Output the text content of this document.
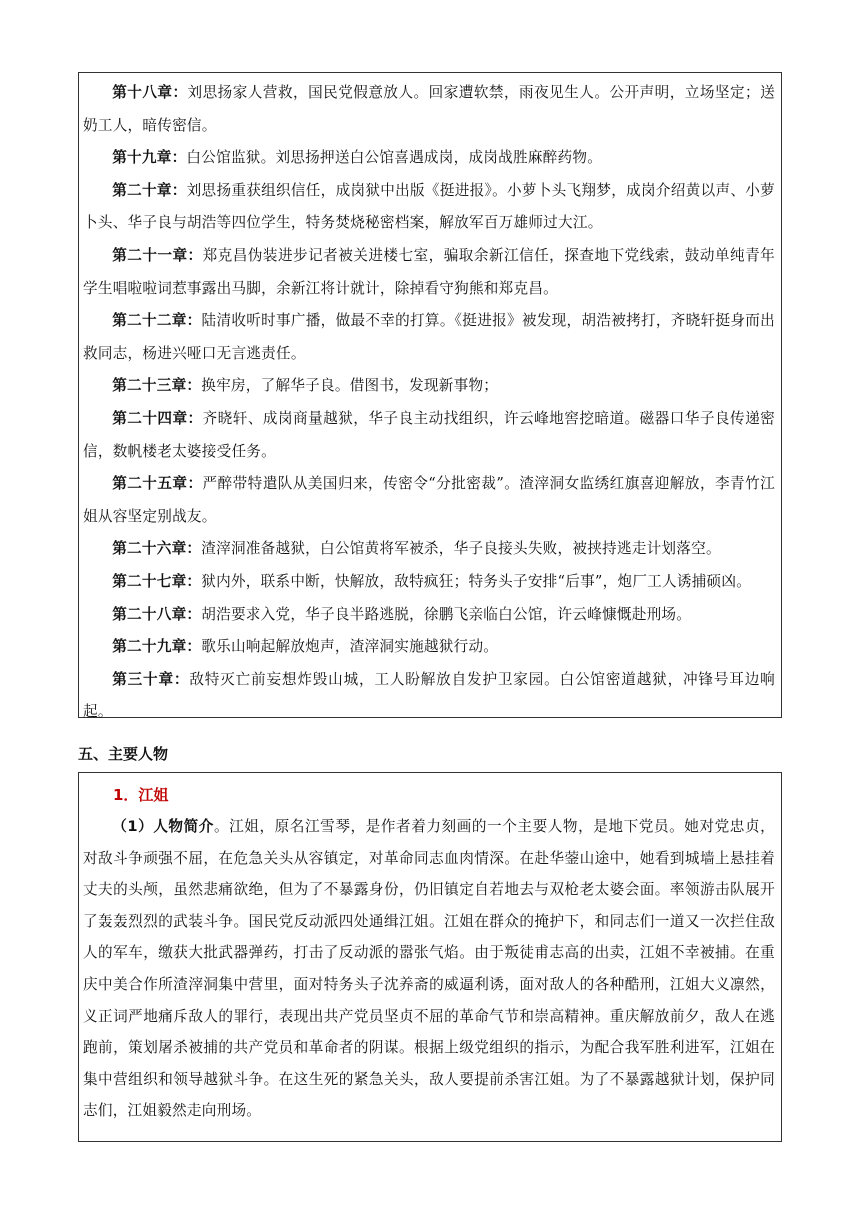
第十八章：刘思扬家人营救，国民党假意放人。回家遭软禁，雨夜见生人。公开声明，立场坚定；送奶工人，暗传密信。

第十九章：白公馆监狱。刘思扬押送白公馆喜遇成岗，成岗战胜麻醉药物。

第二十章：刘思扬重获组织信任，成岗狱中出版《挺进报》。小萝卜头飞翔梦，成岗介绍黄以声、小萝卜头、华子良与胡浩等四位学生，特务焚烧秘密档案，解放军百万雄师过大江。

第二十一章：郑克昌伪装进步记者被关进楼七室，骗取余新江信任，探查地下党线索，鼓动单纯青年学生唱啦啦词惹事露出马脚，余新江将计就计，除掉看守狗熊和郑克昌。

第二十二章：陆清收听时事广播，做最不幸的打算。《挺进报》被发现，胡浩被拷打，齐晓轩挺身而出救同志，杨进兴哑口无言逃责任。

第二十三章：换牢房，了解华子良。借图书，发现新事物；

第二十四章：齐晓轩、成岗商量越狱，华子良主动找组织，许云峰地窖挖暗道。磁器口华子良传递密信，数帆楼老太婆接受任务。

第二十五章：严醉带特遣队从美国归来，传密令“分批密裁”。渣滓洞女监绣红旗喜迎解放，李青竹江姐从容坚定别战友。

第二十六章：渣滓洞准备越狱，白公馆黄将军被杀，华子良接头失败，被挟持逃走计划落空。

第二十七章：狱内外，联系中断，快解放，敌特疯狂；特务头子安排“后事”，炮厂工人诱捕硕凶。

第二十八章：胡浩要求入党，华子良半路逃脱，徐鹏飞亲临白公馆，许云峰慷慨赴刑场。

第二十九章：歌乐山响起解放炮声，渣滓洞实施越狱行动。

第三十章：敌特灭亡前妄想炸毁山城，工人盼解放自发护卫家园。白公馆密道越狱，冲锋号耳边响起。

五、主要人物

1．江姐

（1）人物简介。江姐，原名江雪琴，是作者着力刻画的一个主要人物，是地下党员。她对党忠贞，对敌斗争顽强不屈，在危急关头从容镇定，对革命同志血肉情深。在赴华蓥山途中，她看到城墙上悬挂着丈夫的头颅，虽然悲痛欲绝，但为了不暴露身份，仍旧镇定自若地去与双枪老太婆会面。率领游击队展开了轰轰烈烈的武装斗争。国民党反动派四处通缉江姐。江姐在群众的掩护下，和同志们一道又一次拦住敌人的军车，缴获大批武器弹药，打击了反动派的嚣张气焰。由于叛徒甫志高的出卖，江姐不幸被捕。在重庆中美合作所渣滓洞集中营里，面对特务头子沈养斋的威逼利诱，面对敌人的各种酷刑，江姐大义凛然，义正词严地痛斥敌人的罪行，表现出共产党员坚贞不屈的革命气节和崇高精神。重庆解放前夕，敌人在逃跑前，策划屠杀被捕的共产党员和革命者的阴谋。根据上级党组织的指示，为配合我军胜利进军，江姐在集中营组织和领导越狱斗争。在这生死的紧急关头，敌人要提前杀害江姐。为了不暴露越狱计划，保护同志们，江姐毅然走向刑场。
